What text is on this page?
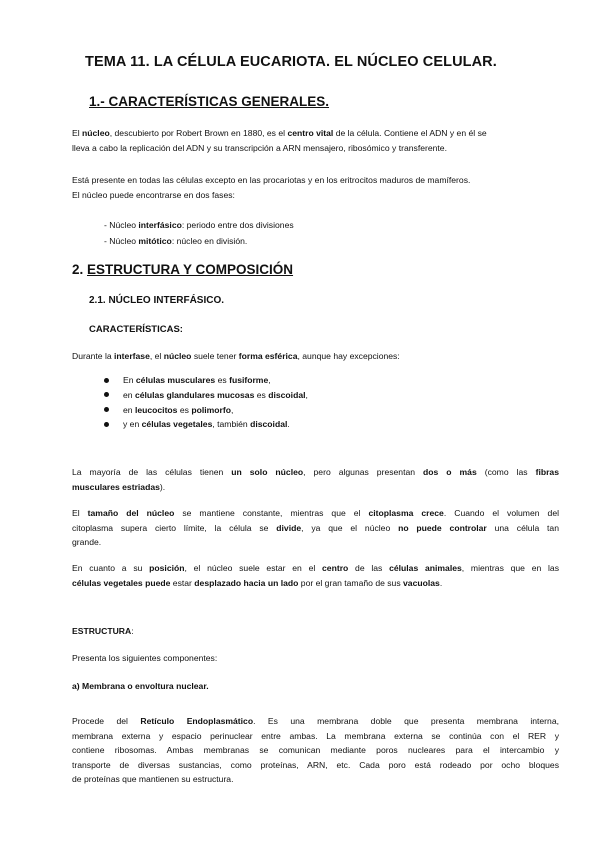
TEMA 11. LA CÉLULA EUCARIOTA. EL NÚCLEO CELULAR.
1.- CARACTERÍSTICAS GENERALES.

El núcleo, descubierto por Robert Brown en 1880, es el centro vital de la célula. Contiene el ADN y en él se
lleva a cabo la replicación del ADN y su transcripción a ARN mensajero, ribosómico y transferente.

Está presente en todas las células excepto en las procariotas y en los eritrocitos maduros de mamíferos.
El núcleo puede encontrarse en dos fases:

- Núcleo interfásico: periodo entre dos divisiones
- Núcleo mitótico: núcleo en división.
2. ESTRUCTURA Y COMPOSICIÓN
2.1. NÚCLEO INTERFÁSICO.
CARACTERÍSTICAS:

Durante la interfase, el núcleo suele tener forma esférica, aunque hay excepciones:

En células musculares es fusiforme,
en células glandulares mucosas es discoidal,
en leucocitos es polimorfo,
y en células vegetales, también discoidal.

La mayoría de las células tienen un solo núcleo, pero algunas presentan dos o más (como las fibras
musculares estriadas).

El tamaño del núcleo se mantiene constante, mientras que el citoplasma crece. Cuando el volumen del
citoplasma supera cierto límite, la célula se divide, ya que el núcleo no puede controlar una célula tan
grande.

En cuanto a su posición, el núcleo suele estar en el centro de las células animales, mientras que en las
células vegetales puede estar desplazado hacia un lado por el gran tamaño de sus vacuolas.

ESTRUCTURA:

Presenta los siguientes componentes:

a) Membrana o envoltura nuclear.

Procede del Retículo Endoplasmático. Es una membrana doble que presenta membrana interna,
membrana externa y espacio perinuclear entre ambas. La membrana externa se continúa con el RER y
contiene ribosomas. Ambas membranas se comunican mediante poros nucleares para el intercambio y
transporte de diversas sustancias, como proteínas, ARN, etc. Cada poro está rodeado por ocho bloques
de proteínas que mantienen su estructura.
